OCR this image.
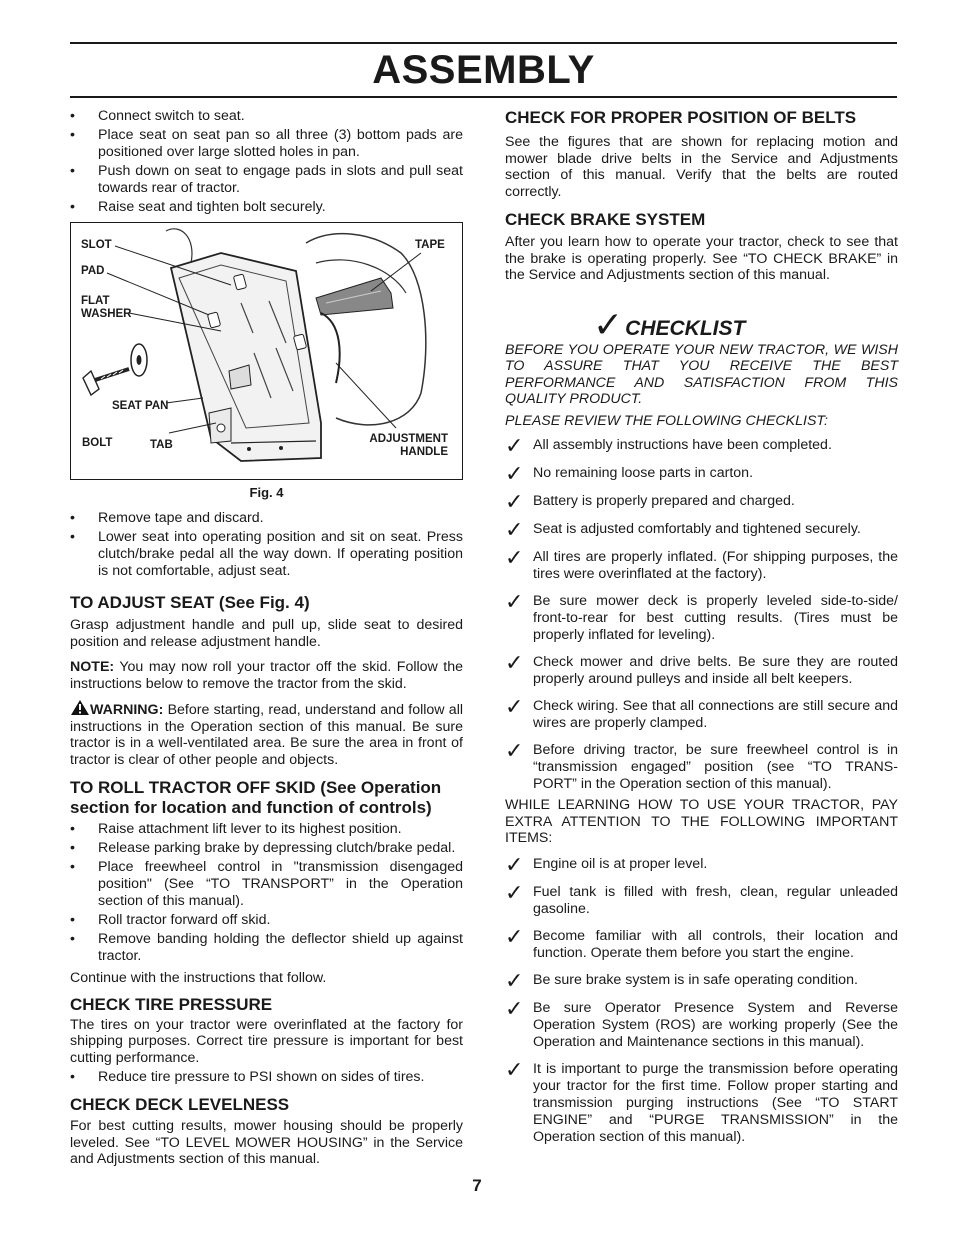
ASSEMBLY
• Connect switch to seat.
• Place seat on seat pan so all three (3) bottom pads are positioned over large slotted holes in pan.
• Push down on seat to engage pads in slots and pull seat towards rear of tractor.
• Raise seat and tighten bolt securely.
SLOT
PAD
FLAT
WASHER
SEAT PAN
BOLT	TAB
TAPE
ADJUSTMENT
HANDLE
Fig. 4
• Remove tape and discard.
• Lower seat into operating position and sit on seat. Press clutch/brake pedal all the way down. If operating position is not comfortable, adjust seat.
TO ADJUST SEAT (See Fig. 4)

Grasp adjustment handle and pull up, slide seat to desired position and release adjustment handle.

NOTE: You may now roll your tractor off the skid. Follow the instructions below to remove the tractor from the skid.

WARNING: Before starting, read, understand and follow all instructions in the Operation section of this manual. Be sure tractor is in a well-ventilated area. Be sure the area in front of tractor is clear of other people and objects.

TO ROLL TRACTOR OFF SKID (See Operation section for location and function of controls)
• Raise attachment lift lever to its highest position.
• Release parking brake by depressing clutch/brake pedal.
• Place freewheel control in "transmission disengaged position" (See “TO TRANSPORT” in the Operation section of this manual).
• Roll tractor forward off skid.
• Remove banding holding the deflector shield up against tractor.

Continue with the instructions that follow.

CHECK TIRE PRESSURE

The tires on your tractor were overinflated at the factory for shipping purposes. Correct tire pressure is important for best cutting performance.

• Reduce tire pressure to PSI shown on sides of tires.
CHECK DECK LEVELNESS

For best cutting results, mower housing should be properly leveled. See “TO LEVEL MOWER HOUSING” in the Service and Adjustments section of this manual.

CHECK FOR PROPER POSITION OF BELTS

See the figures that are shown for replacing motion and mower blade drive belts in the Service and Adjustments section of this manual. Verify that the belts are routed correctly.

CHECK BRAKE SYSTEM

After you learn how to operate your tractor, check to see that the brake is operating properly. See “TO CHECK BRAKE” in the Service and Adjustments section of this manual.

✓ CHECKLIST

BEFORE YOU OPERATE YOUR NEW TRACTOR, WE WISH TO ASSURE THAT YOU RECEIVE THE BEST PERFORMANCE AND SATISFACTION FROM THIS QUALITY PRODUCT.

PLEASE REVIEW THE FOLLOWING CHECKLIST:

✓ All assembly instructions have been completed.
✓ No remaining loose parts in carton.
✓ Battery is properly prepared and charged.
✓ Seat is adjusted comfortably and tightened securely.
✓ All tires are properly inflated. (For shipping purposes, the tires were overinflated at the factory).
✓ Be sure mower deck is properly leveled side-to-side/ front-to-rear for best cutting results. (Tires must be properly inflated for leveling).
✓ Check mower and drive belts. Be sure they are routed properly around pulleys and inside all belt keepers.
✓ Check wiring. See that all connections are still secure and wires are properly clamped.
✓ Before driving tractor, be sure freewheel control is in “transmission engaged” position (see “TO TRANS- PORT” in the Operation section of this manual).

WHILE LEARNING HOW TO USE YOUR TRACTOR, PAY EXTRA ATTENTION TO THE FOLLOWING IMPORTANT ITEMS:

✓ Engine oil is at proper level.
✓ Fuel tank is filled with fresh, clean, regular unleaded gasoline.
✓ Become familiar with all controls, their location and function. Operate them before you start the engine.
✓ Be sure brake system is in safe operating condition.
✓ Be sure Operator Presence System and Reverse Operation System (ROS) are working properly (See the Operation and Maintenance sections in this manual).
✓ It is important to purge the transmission before operating your tractor for the first time. Follow proper starting and transmission purging instructions (See “TO START ENGINE” and “PURGE TRANSMISSION” in the Operation section of this manual).
7
